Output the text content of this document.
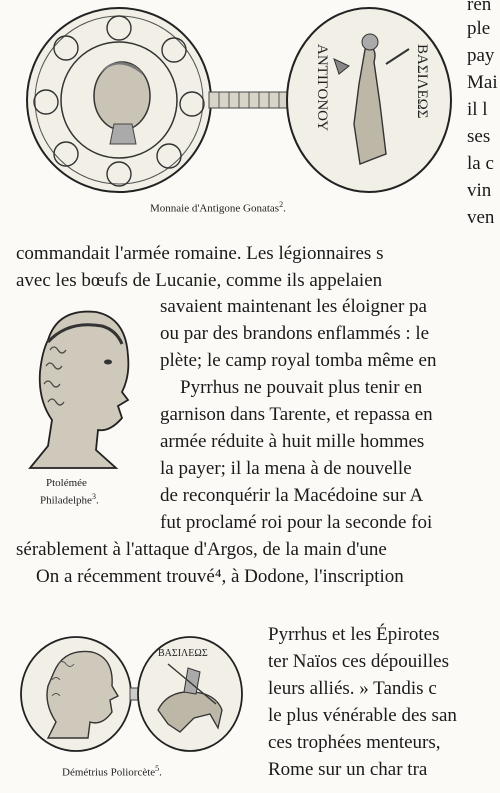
ΑΝΤΙΓΟΝΟΥ	ΒΑΣΙΛΕΩΣ
Monnaie d'Antigone Gonatas$^2$.
ren
ple
pay
Mai
il l
ses
la c
vin
ven
commandait l'armée romaine. Les légionnaires s
avec les bœufs de Lucanie, comme ils appelaien
Ptolémée
Philadelphe$^3$.
savaient maintenant les éloigner pa
ou par des brandons enflammés : le
plète; le camp royal tomba même en
Pyrrhus ne pouvait plus tenir en
garnison dans Tarente, et repassa en
armée réduite à huit mille hommes
la payer; il la mena à de nouvelle
de reconquérir la Macédoine sur A
fut proclamé roi pour la seconde foi
sérablement à l'attaque d'Argos, de la main d'une
On a récemment trouvé⁴, à Dodone, l'inscription
ΒΑΣΙΛΕΩΣ
Démétrius Poliorcète$^5$.
Pyrrhus et les Épirotes
ter Naïos ces dépouilles
leurs alliés. » Tandis c
le plus vénérable des san
ces trophées menteurs,
Rome sur un char tra
